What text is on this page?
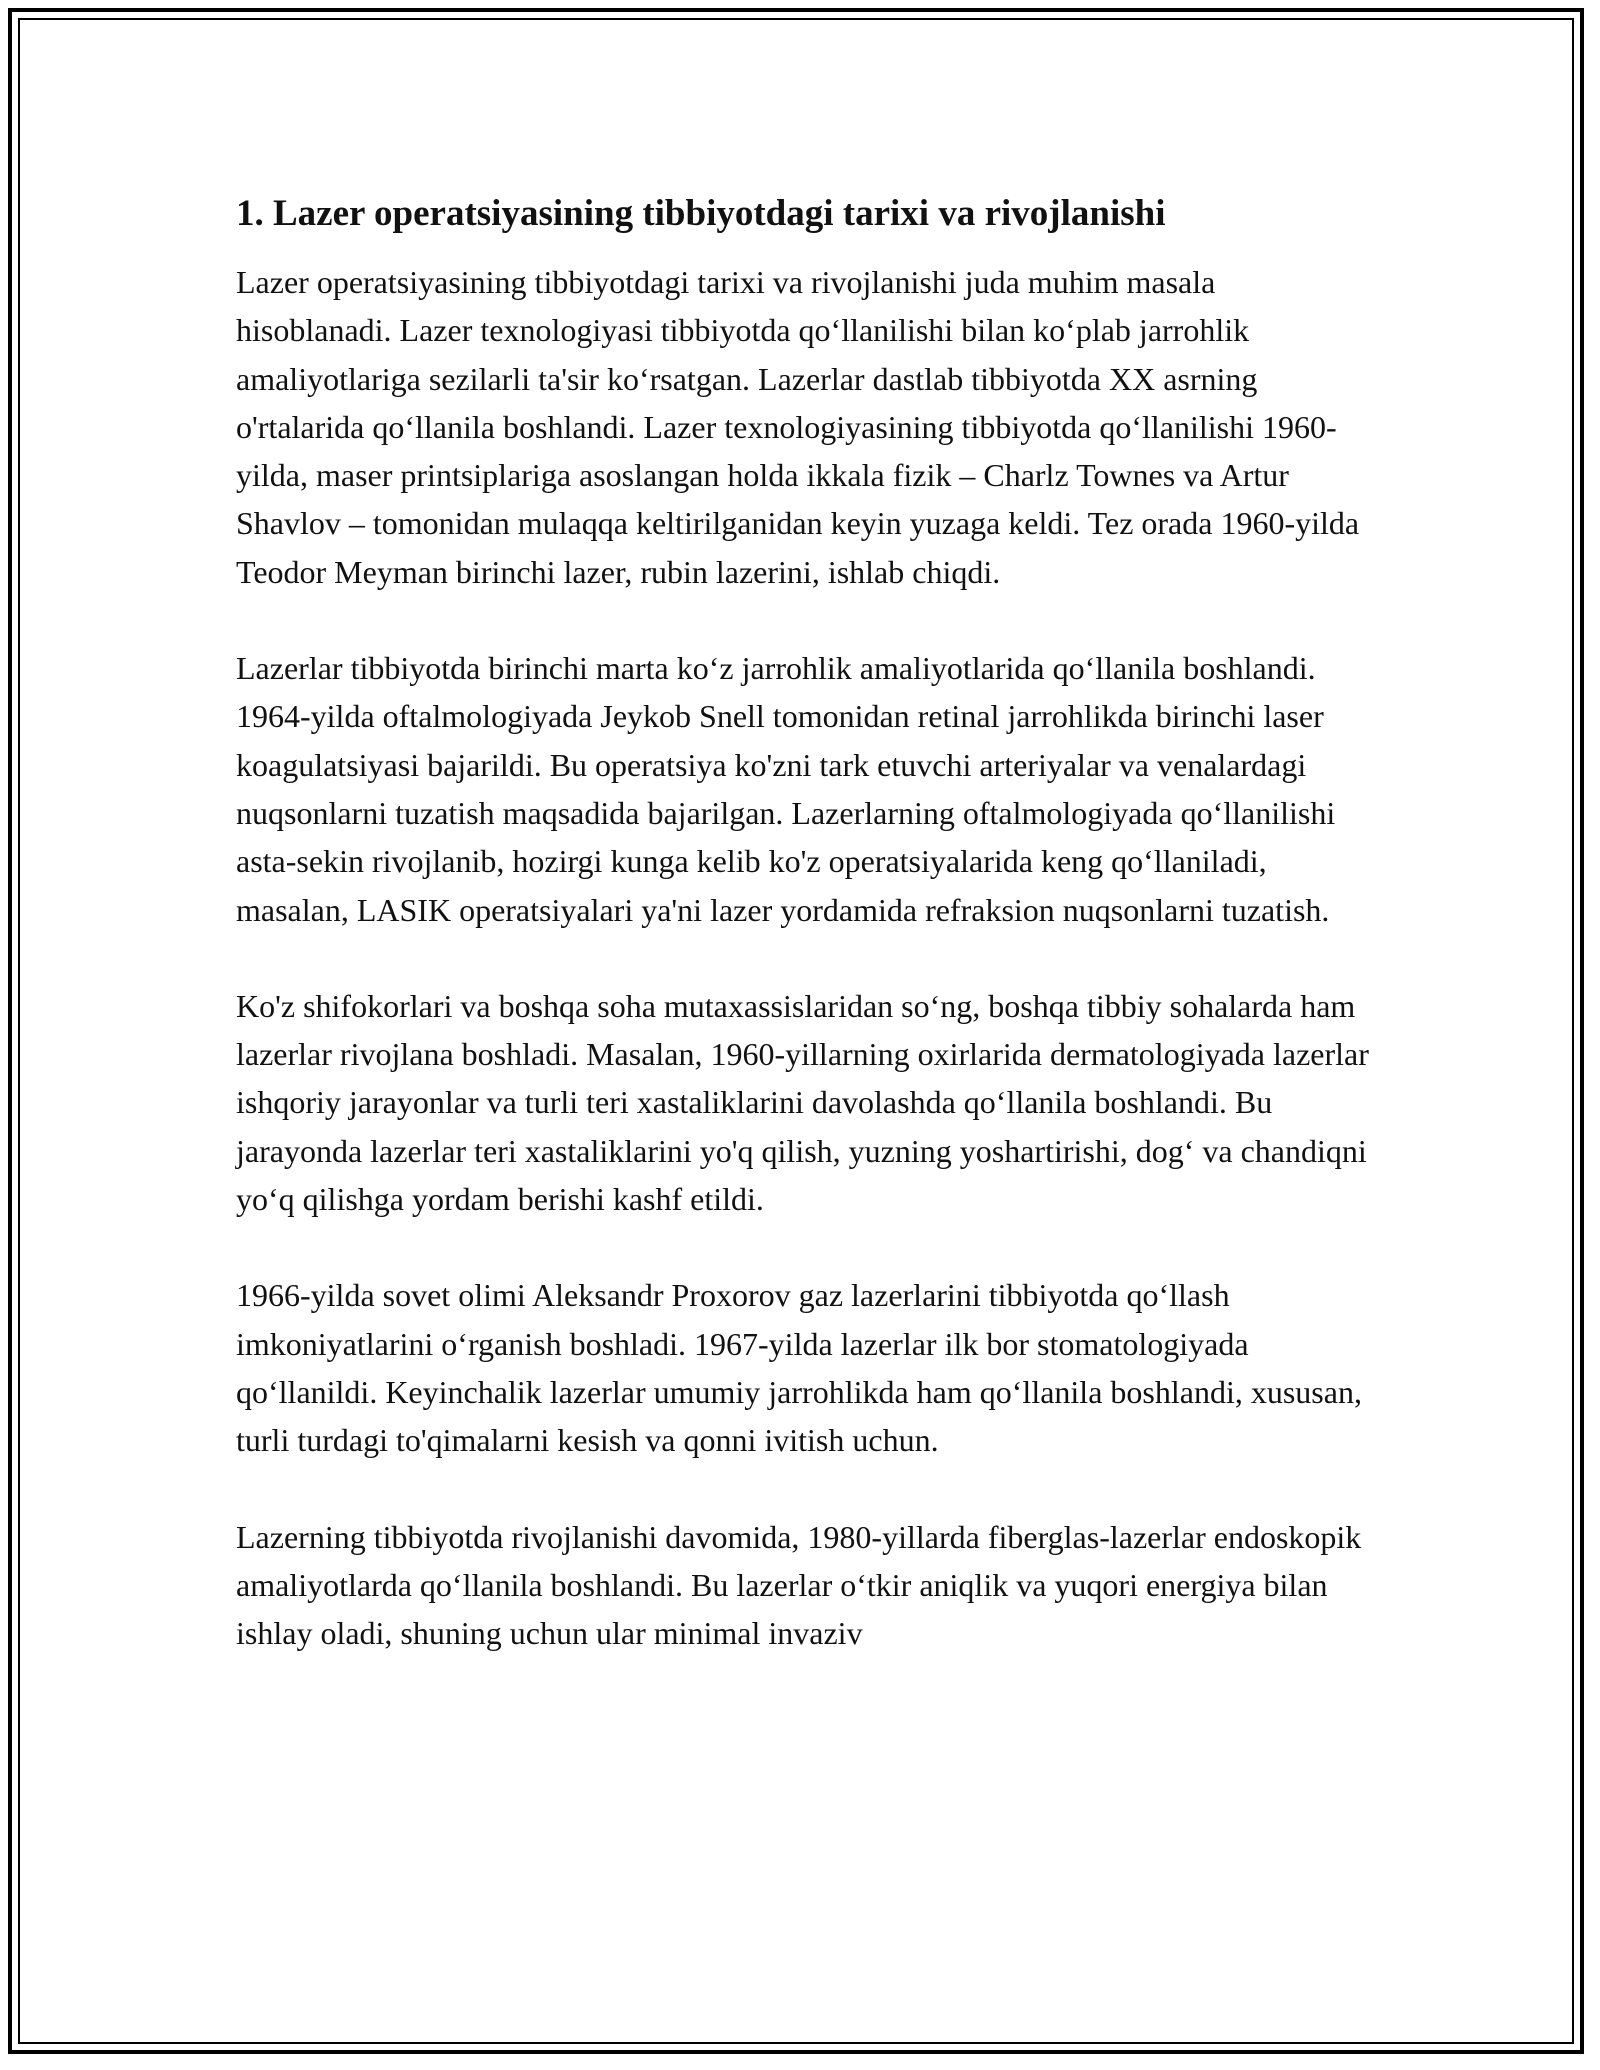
1. Lazer operatsiyasining tibbiyotdagi tarixi va rivojlanishi

Lazer operatsiyasining tibbiyotdagi tarixi va rivojlanishi juda muhim masala hisoblanadi. Lazer texnologiyasi tibbiyotda qo‘llanilishi bilan ko‘plab jarrohlik amaliyotlariga sezilarli ta'sir ko‘rsatgan. Lazerlar dastlab tibbiyotda XX asrning o'rtalarida qo‘llanila boshlandi. Lazer texnologiyasining tibbiyotda qo‘llanilishi 1960-yilda, maser printsiplariga asoslangan holda ikkala fizik – Charlz Townes va Artur Shavlov – tomonidan mulaqqa keltirilganidan keyin yuzaga keldi. Tez orada 1960-yilda Teodor Meyman birinchi lazer, rubin lazerini, ishlab chiqdi.

Lazerlar tibbiyotda birinchi marta ko‘z jarrohlik amaliyotlarida qo‘llanila boshlandi. 1964-yilda oftalmologiyada Jeykob Snell tomonidan retinal jarrohlikda birinchi laser koagulatsiyasi bajarildi. Bu operatsiya ko'zni tark etuvchi arteriyalar va venalardagi nuqsonlarni tuzatish maqsadida bajarilgan. Lazerlarning oftalmologiyada qo‘llanilishi asta-sekin rivojlanib, hozirgi kunga kelib ko'z operatsiyalarida keng qo‘llaniladi, masalan, LASIK operatsiyalari ya'ni lazer yordamida refraksion nuqsonlarni tuzatish.

Ko'z shifokorlari va boshqa soha mutaxassislaridan so‘ng, boshqa tibbiy sohalarda ham lazerlar rivojlana boshladi. Masalan, 1960-yillarning oxirlarida dermatologiyada lazerlar ishqoriy jarayonlar va turli teri xastaliklarini davolashda qo‘llanila boshlandi. Bu jarayonda lazerlar teri xastaliklarini yo'q qilish, yuzning yoshartirishi, dog‘ va chandiqni yo‘q qilishga yordam berishi kashf etildi.

1966-yilda sovet olimi Aleksandr Proxorov gaz lazerlarini tibbiyotda qo‘llash imkoniyatlarini o‘rganish boshladi. 1967-yilda lazerlar ilk bor stomatologiyada qo‘llanildi. Keyinchalik lazerlar umumiy jarrohlikda ham qo‘llanila boshlandi, xususan, turli turdagi to'qimalarni kesish va qonni ivitish uchun.

Lazerning tibbiyotda rivojlanishi davomida, 1980-yillarda fiberglas-lazerlar endoskopik amaliyotlarda qo‘llanila boshlandi. Bu lazerlar o‘tkir aniqlik va yuqori energiya bilan ishlay oladi, shuning uchun ular minimal invaziv
